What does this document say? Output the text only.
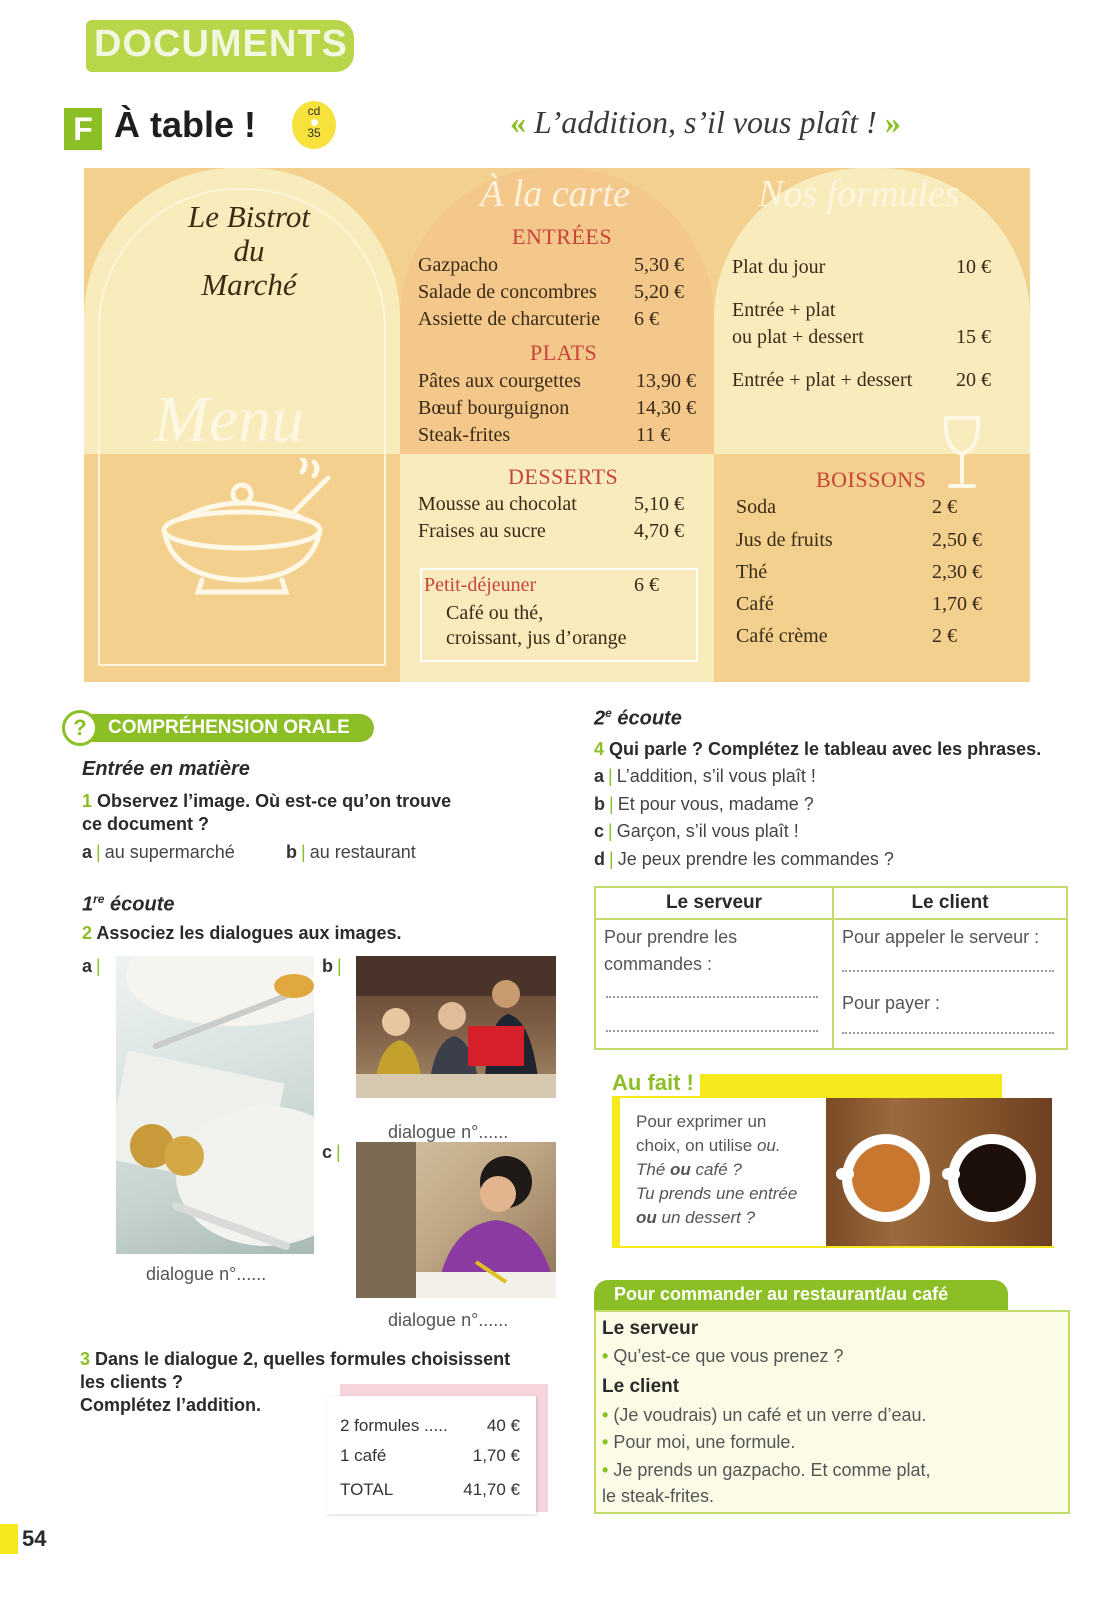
DOCUMENTS
F À table !	cd
35	« L’addition, s’il vous plaît ! »
Le Bistrot
du
Marché
Menu
À la carte	Nos formules
ENTRÉES
Gazpacho	5,30 €
Salade de concombres 5,20 €
Assiette de charcuterie 6 €
PLATS
Pâtes aux courgettes	13,90 €
Bœuf bourguignon	14,30 €
Steak-frites	11 €
DESSERTS
Mousse au chocolat	5,10 €
Fraises au sucre	4,70 €
Petit-déjeuner	6 €
Café ou thé,
croissant, jus d’orange
Plat du jour	10 €
Entrée + plat
ou plat + dessert	15 €
Entrée + plat + dessert 20 €
BOISSONS
Soda	2 €
Jus de fruits	2,50 €
Thé	2,30 €
Café	1,70 €
Café crème	2 €
COMPRÉHENSION ORALE
?
Entrée en matière
1 Observez l’image. Où est-ce qu’on trouve
ce document ?
a | au supermarché	b | au restaurant
1re écoute
2 Associez les dialogues aux images.
a |
dialogue n°......
b |
dialogue n°......
c |
dialogue n°......
3 Dans le dialogue 2, quelles formules choisissent
les clients ?
Complétez l’addition.
2 formules ..... 40 €
1 café	1,70 €
TOTAL	41,70 €
2e écoute
4 Qui parle ? Complétez le tableau avec les phrases.
a | L’addition, s’il vous plaît !
b | Et pour vous, madame ?
c | Garçon, s’il vous plaît !
d | Je peux prendre les commandes ?
Le serveur	Le client
Pour prendre les
commandes :
Pour appeler le serveur :
Pour payer :
Au fait !
Pour exprimer un
choix, on utilise ou.
Thé ou café ?
Tu prends une entrée
ou un dessert ?
Pour commander au restaurant/au café
Le serveur
• Qu’est-ce que vous prenez ?
Le client
• (Je voudrais) un café et un verre d’eau.
• Pour moi, une formule.
• Je prends un gazpacho. Et comme plat,
le steak-frites.
54
